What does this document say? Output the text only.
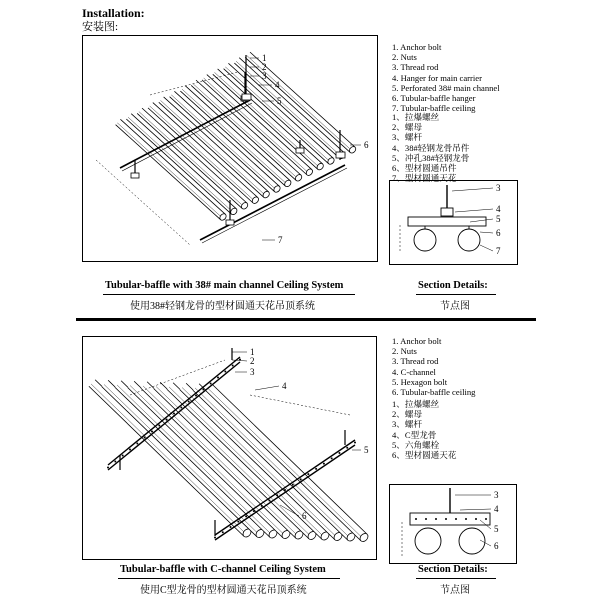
Installation:
安装图:
1. Anchor bolt
2. Nuts
3. Thread rod
4. Hanger for main carrier
5. Perforated 38# main channel
6. Tubular-baffle hanger
7. Tubular-baffle ceiling
1、拉爆螺丝
2、螺母
3、螺杆
4、38#轻钢龙骨吊件
5、冲孔38#轻钢龙骨
6、型材圆通吊件
7、型材圆通天花
Tubular-baffle with 38# main channel Ceiling System
使用38#轻钢龙骨的型材圆通天花吊顶系统
Section Details:
节点图
1. Anchor bolt
2. Nuts
3. Thread rod
4. C-channel
5. Hexagon bolt
6. Tubular-baffle ceiling
1、拉爆螺丝
2、螺母
3、螺杆
4、C型龙骨
5、六角螺栓
6、型材圆通天花
Tubular-baffle with C-channel Ceiling System
使用C型龙骨的型材圆通天花吊顶系统
Section Details:
节点图
1
2
3
4
5
6
7
3
4
5
6
7
1
2
3
4
5
6
3
4
5
6
